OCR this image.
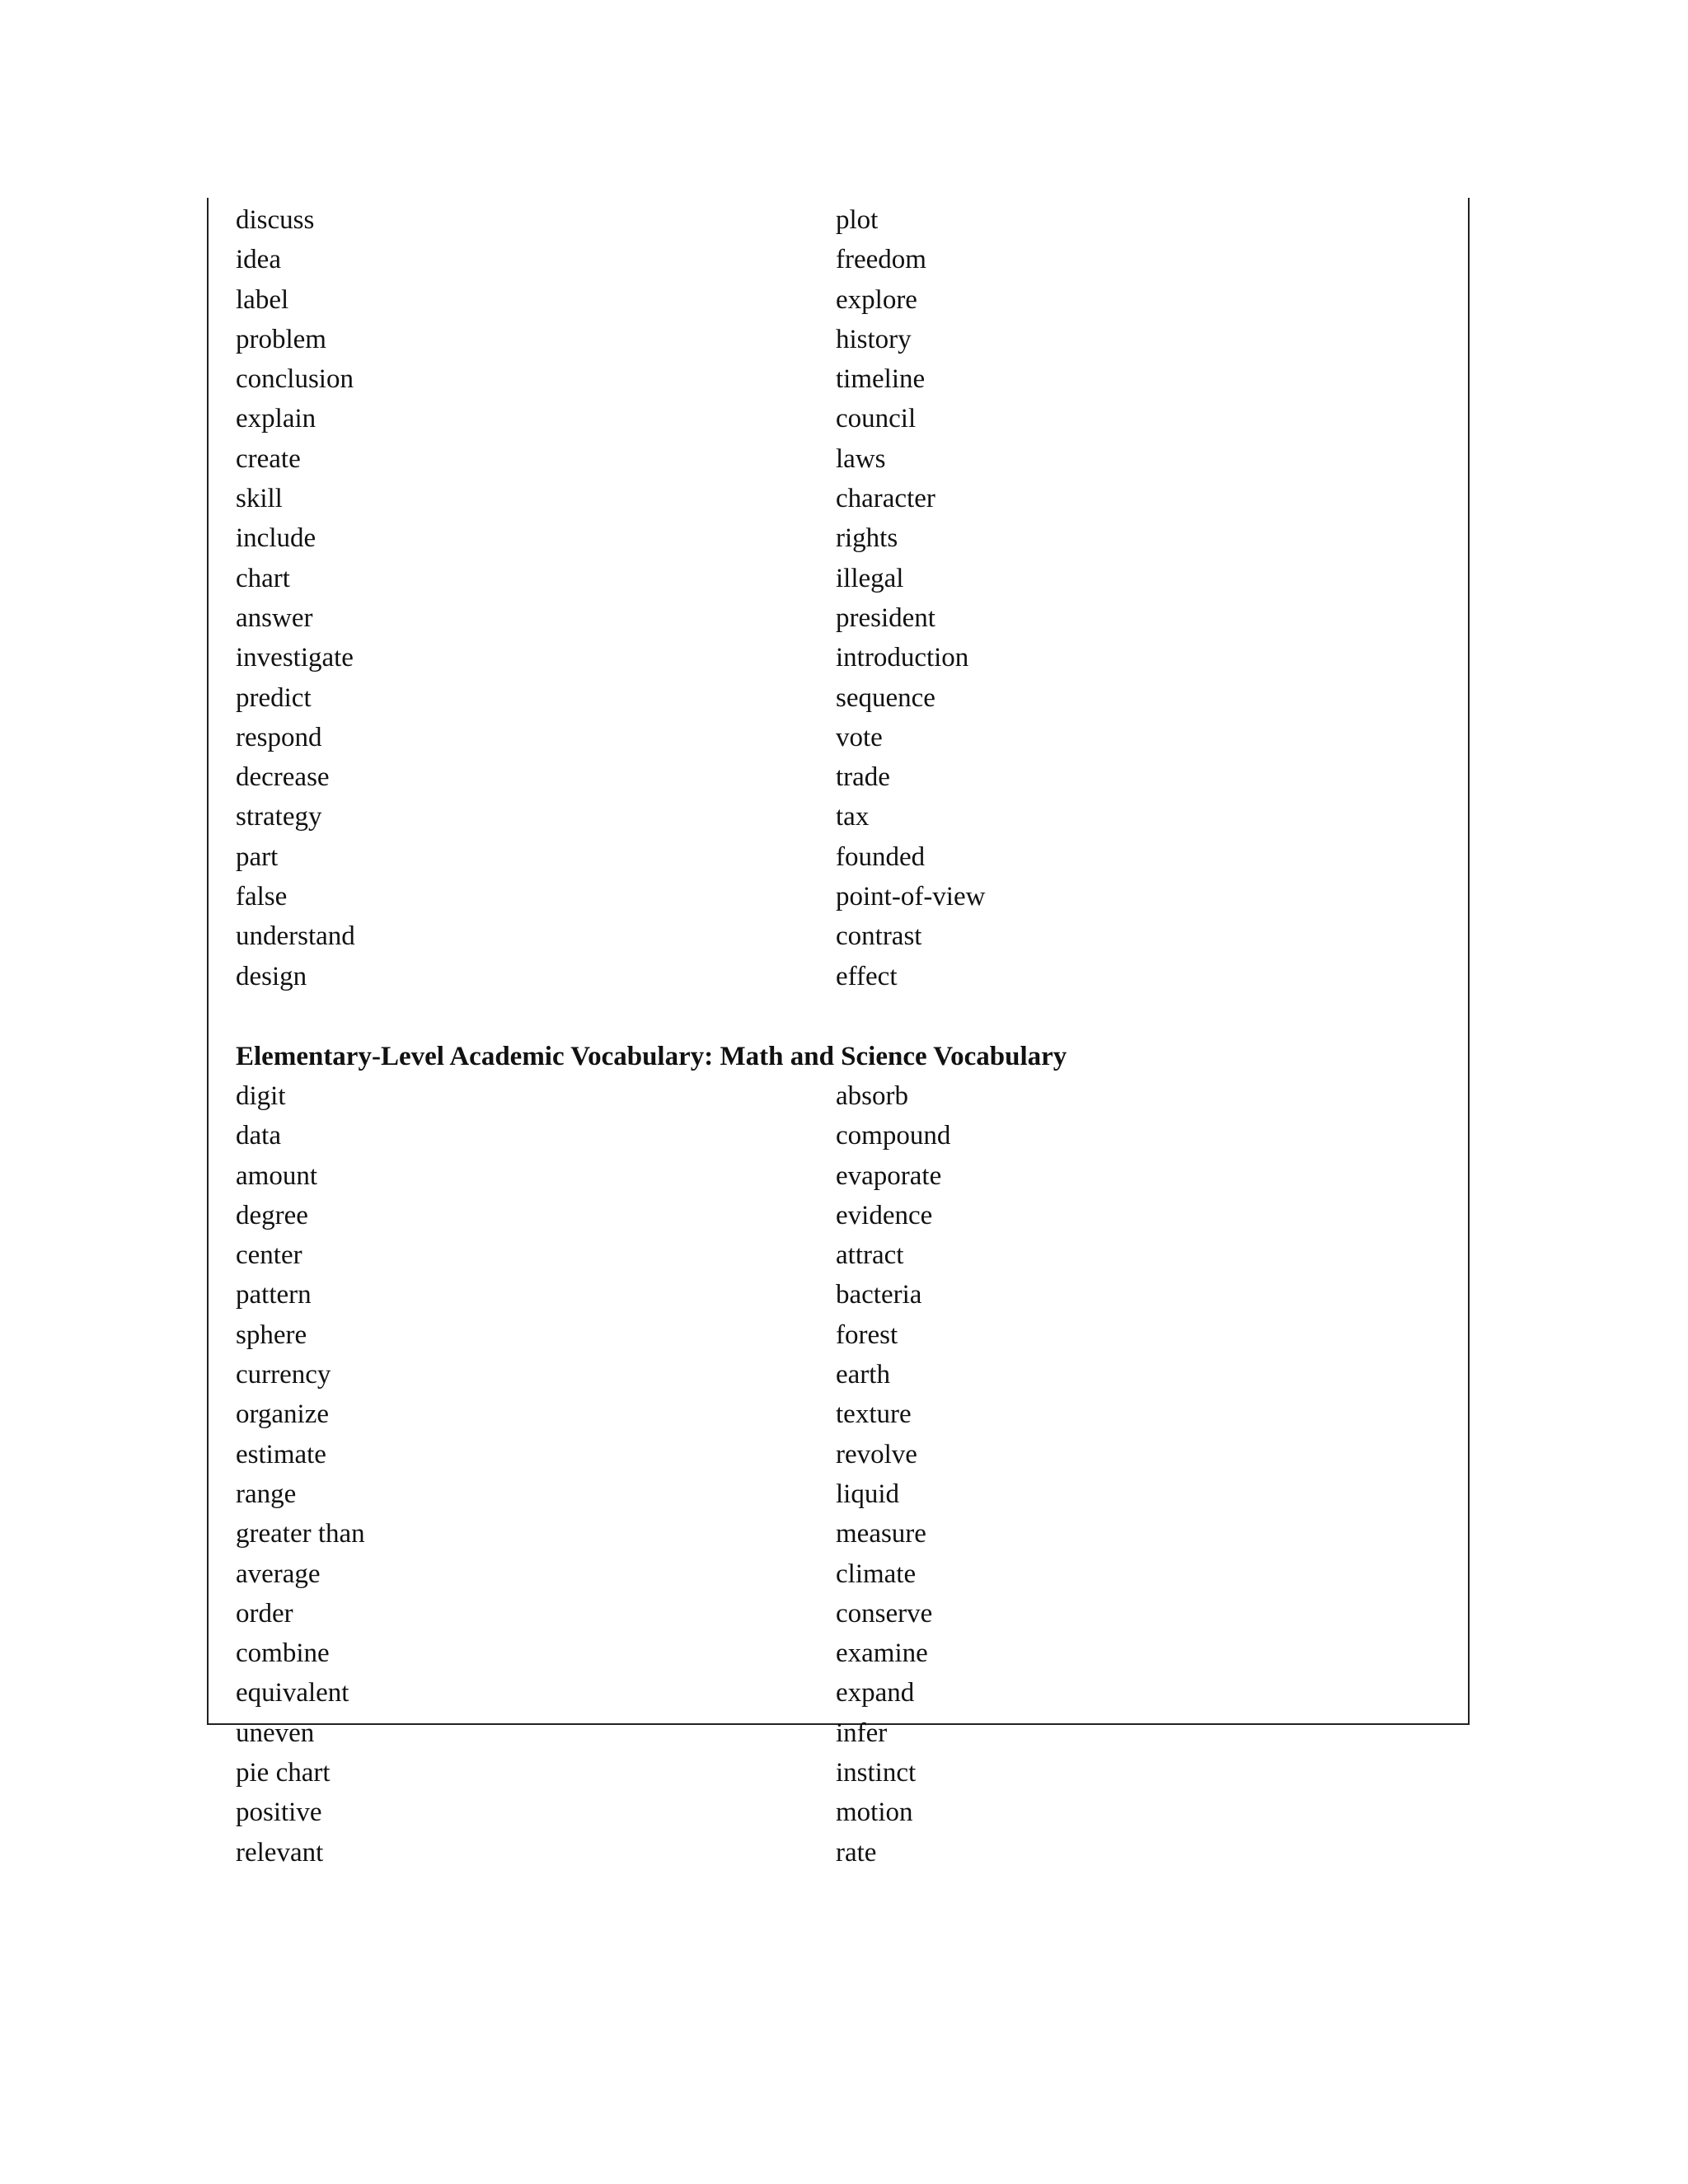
discuss
idea
label
problem
conclusion
explain
create
skill
include
chart
answer
investigate
predict
respond
decrease
strategy
part
false
understand
design
plot
freedom
explore
history
timeline
council
laws
character
rights
illegal
president
introduction
sequence
vote
trade
tax
founded
point-of-view
contrast
effect
Elementary-Level Academic Vocabulary: Math and Science Vocabulary
digit
data
amount
degree
center
pattern
sphere
currency
organize
estimate
range
greater than
average
order
combine
equivalent
uneven
pie chart
positive
relevant
absorb
compound
evaporate
evidence
attract
bacteria
forest
earth
texture
revolve
liquid
measure
climate
conserve
examine
expand
infer
instinct
motion
rate
